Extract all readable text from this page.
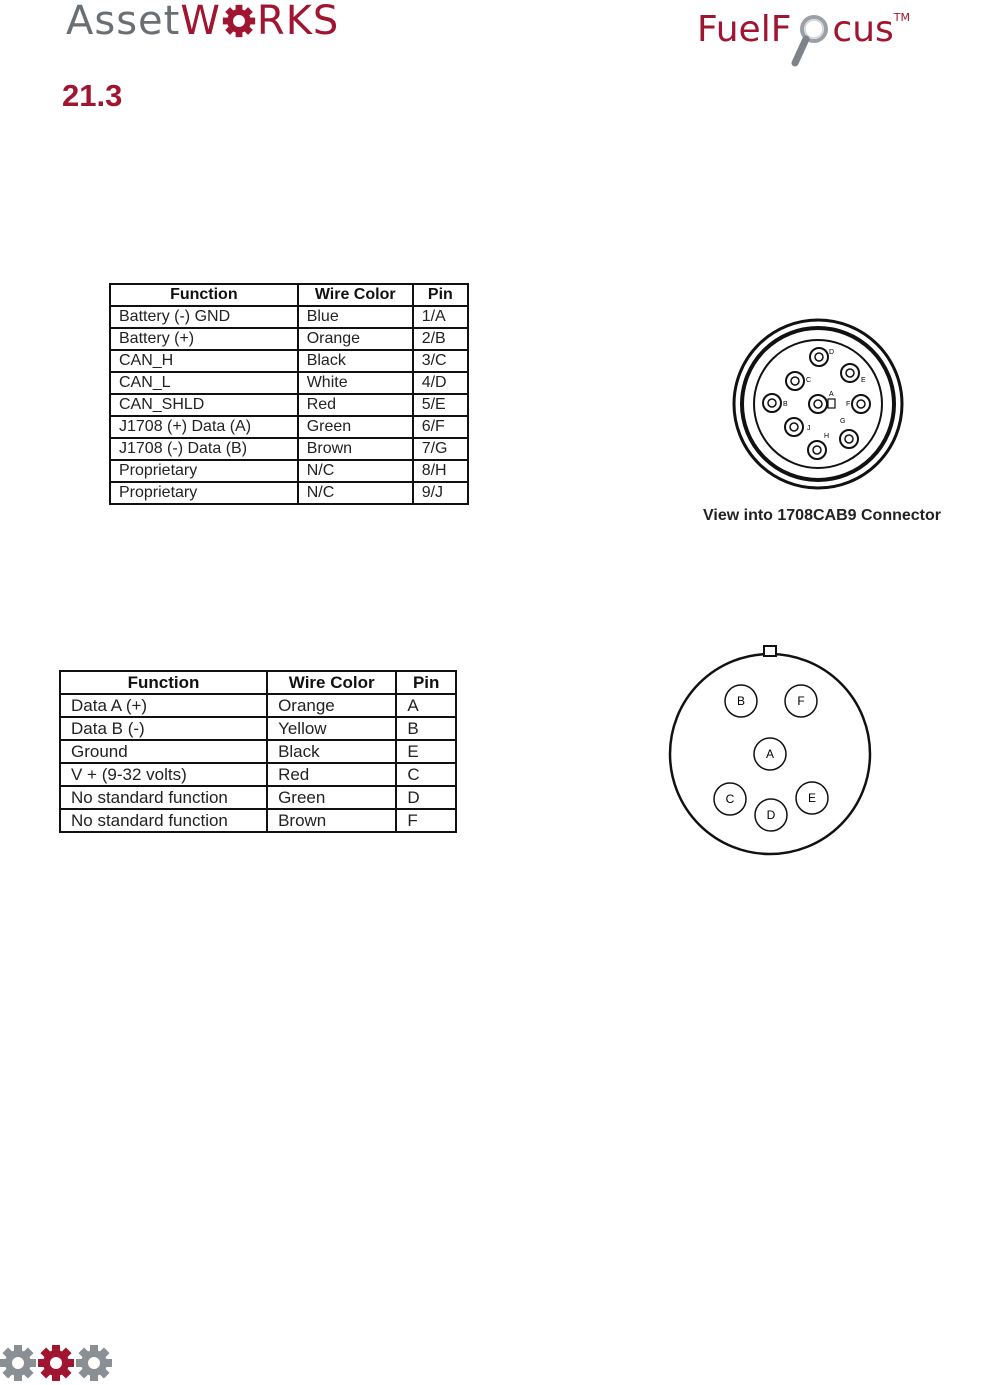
AssetW RKS	FuelF cus™
21.3
Function	Wire Color	Pin
Battery (-) GND	Blue	1/A
Battery (+)	Orange	2/B
CAN_H	Black	3/C
CAN_L	White	4/D
CAN_SHLD	Red	5/E
J1708 (+) Data (A)	Green	6/F
J1708 (-) Data (B)	Brown	7/G
Proprietary	N/C	8/H
Proprietary	N/C	9/J
A
B
C
D
E
F
G
H
J
View into 1708CAB9 Connector
Function	Wire Color	Pin
Data A (+)	Orange	A
Data B (-)	Yellow	B
Ground	Black	E
V + (9-32 volts)	Red	C
No standard function	Green	D
No standard function	Brown	F
A
B
C
D
E
F
